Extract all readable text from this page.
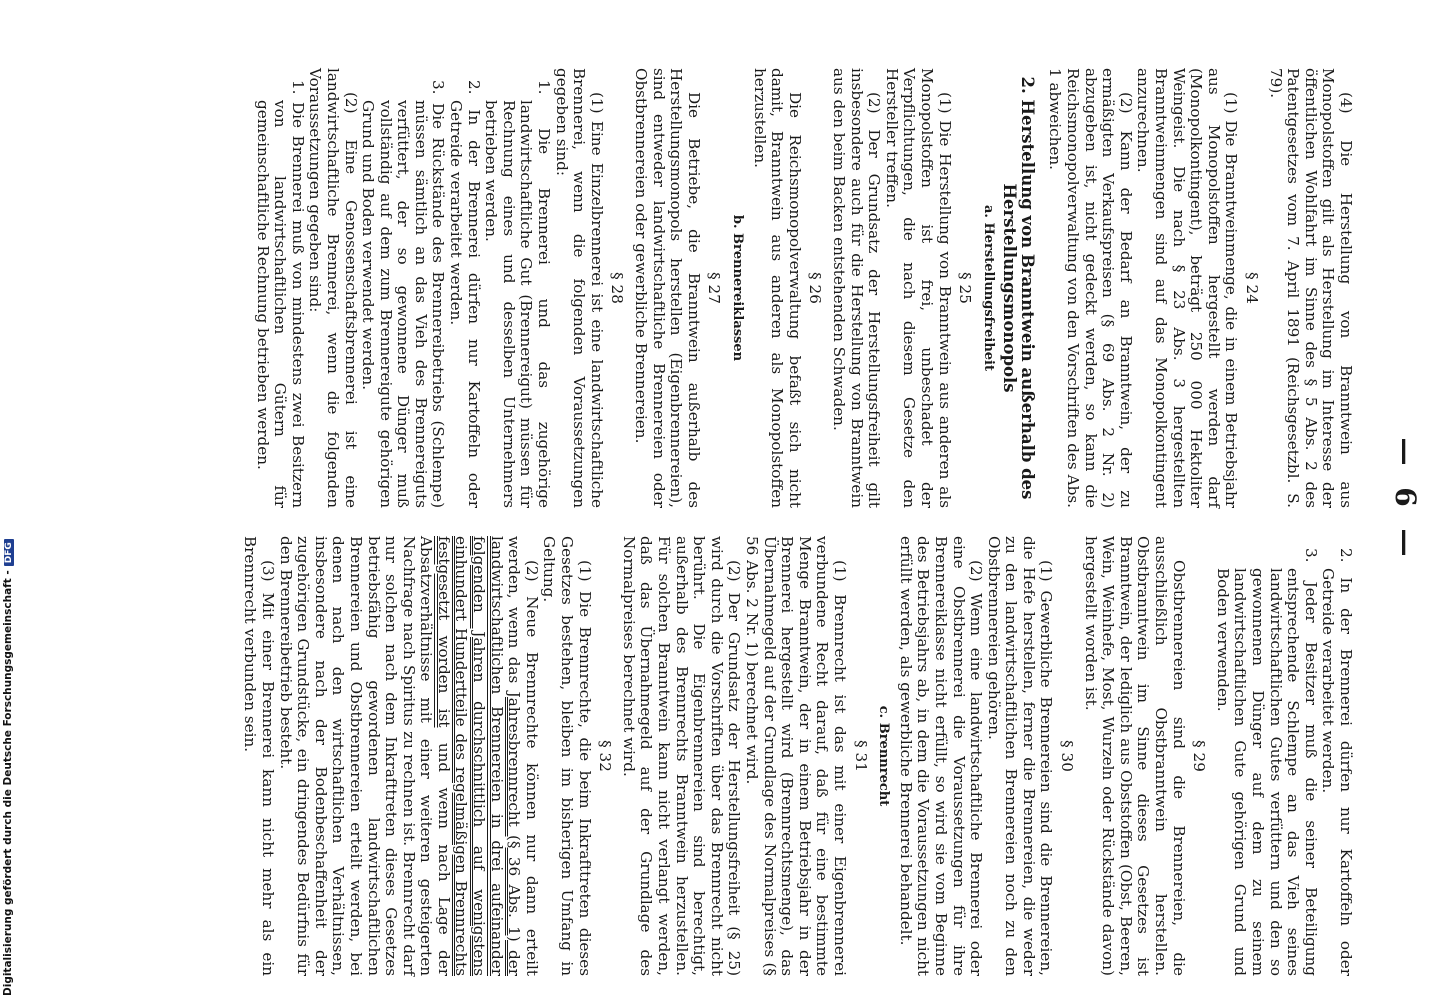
— 6 —

(4) Die Herstellung von Branntwein aus Monopolstoffen gilt als Herstellung im Interesse der öffentlichen Wohlfahrt im Sinne des § 5 Abs. 2 des Patentgesetzes vom 7. April 1891 (Reichsgesetzbl. S. 79).

§ 24

(1) Die Branntweinmenge, die in einem Betriebsjahr aus Monopolstoffen hergestellt werden darf (Monopolkontingent), beträgt 250 000 Hektoliter Weingeist. Die nach § 23 Abs. 3 hergestellten Branntweinmengen sind auf das Monopolkontingent anzurechnen.

(2) Kann der Bedarf an Branntwein, der zu ermäßigten Verkaufspreisen (§ 69 Abs. 2 Nr. 2) abzugeben ist, nicht gedeckt werden, so kann die Reichsmonopolverwaltung von den Vorschriften des Abs. 1 abweichen.

2. Herstellung von Branntwein außerhalb des Herstellungsmonopols

a. Herstellungsfreiheit

§ 25

(1) Die Herstellung von Branntwein aus anderen als Monopolstoffen ist frei, unbeschadet der Verpflichtungen, die nach diesem Gesetze den Hersteller treffen.

(2) Der Grundsatz der Herstellungsfreiheit gilt insbesondere auch für die Herstellung von Branntwein aus den beim Backen entstehenden Schwaden.

§ 26

Die Reichsmonopolverwaltung befaßt sich nicht damit, Branntwein aus anderen als Monopolstoffen herzustellen.

b. Brennereiklassen

§ 27

Die Betriebe, die Branntwein außerhalb des Herstellungsmonopols herstellen (Eigenbrennereien), sind entweder landwirtschaftliche Brennereien oder Obstbrennereien oder gewerbliche Brennereien.

§ 28

(1) Eine Einzelbrennerei ist eine landwirtschaftliche Brennerei, wenn die folgenden Voraussetzungen gegeben sind:

1. Die Brennerei und das zugehörige landwirtschaftliche Gut (Brennereigut) müssen für Rechnung eines und desselben Unternehmers betrieben werden.

2. In der Brennerei dürfen nur Kartoffeln oder Getreide verarbeitet werden.

3. Die Rückstände des Brennereibetriebs (Schlempe) müssen sämtlich an das Vieh des Brennereiguts verfüttert, der so gewonnene Dünger muß vollständig auf dem zum Brennereigute gehörigen Grund und Boden verwendet werden.

(2) Eine Genossenschaftsbrennerei ist eine landwirtschaftliche Brennerei, wenn die folgenden Voraussetzungen gegeben sind:

1. Die Brennerei muß von mindestens zwei Besitzern von landwirtschaftlichen Gütern für gemeinschaftliche Rechnung betrieben werden.

2. In der Brennerei dürfen nur Kartoffeln oder Getreide verarbeitet werden.

3. Jeder Besitzer muß die seiner Beteiligung entsprechende Schlempe an das Vieh seines landwirtschaftlichen Gutes verfüttern und den so gewonnenen Dünger auf dem zu seinem landwirtschaftlichen Gute gehörigen Grund und Boden verwenden.

§ 29

Obstbrennereien sind die Brennereien, die ausschließlich Obstbranntwein herstellen. Obstbranntwein im Sinne dieses Gesetzes ist Branntwein, der lediglich aus Obststoffen (Obst, Beeren, Wein, Weinhefe, Most, Wurzeln oder Rückstände davon) hergestellt worden ist.

§ 30

(1) Gewerbliche Brennereien sind die Brennereien, die Hefe herstellen, ferner die Brennereien, die weder zu den landwirtschaftlichen Brennereien noch zu den Obstbrennereien gehören.

(2) Wenn eine landwirtschaftliche Brennerei oder eine Obstbrennerei die Voraussetzungen für ihre Brennereiklasse nicht erfüllt, so wird sie vom Beginne des Betriebsjahrs ab, in dem die Voraussetzungen nicht erfüllt werden, als gewerbliche Brennerei behandelt.

c. Brennrecht

§ 31

(1) Brennrecht ist das mit einer Eigenbrennerei verbundene Recht darauf, daß für eine bestimmte Menge Branntwein, der in einem Betriebsjahr in der Brennerei hergestellt wird (Brennrechtsmenge), das Übernahmegeld auf der Grundlage des Normalpreises (§ 56 Abs. 2 Nr. 1) berechnet wird.

(2) Der Grundsatz der Herstellungsfreiheit (§ 25) wird durch die Vorschriften über das Brennrecht nicht berührt. Die Eigenbrennereien sind berechtigt, außerhalb des Brennrechts Branntwein herzustellen. Für solchen Branntwein kann nicht verlangt werden, daß das Übernahmegeld auf der Grundlage des Normalpreises berechnet wird.

§ 32

(1) Die Brennrechte, die beim Inkrafttreten dieses Gesetzes bestehen, bleiben im bisherigen Umfang in Geltung.

(2) Neue Brennrechte können nur dann erteilt werden, wenn das Jahresbrennrecht (§ 36 Abs. 1) der landwirtschaftlichen Brennereien in drei aufeinander folgenden Jahren durchschnittlich auf wenigstens einhundert Hundertteile des regelmäßigen Brennrechts festgesetzt worden ist und wenn nach Lage der Absatzverhältnisse mit einer weiteren gesteigerten Nachfrage nach Spiritus zu rechnen ist. Brennrecht darf nur solchen nach dem Inkrafttreten dieses Gesetzes betriebsfähig gewordenen landwirtschaftlichen Brennereien und Obstbrennereien erteilt werden, bei denen nach den wirtschaftlichen Verhältnissen, insbesondere nach der Bodenbeschaffenheit der zugehörigen Grundstücke, ein dringendes Bedürfnis für den Brennereibetrieb besteht.

(3) Mit einer Brennerei kann nicht mehr als ein Brennrecht verbunden sein.

Digitalisierung gefördert durch die Deutsche Forschungsgemeinschaft -DFG
